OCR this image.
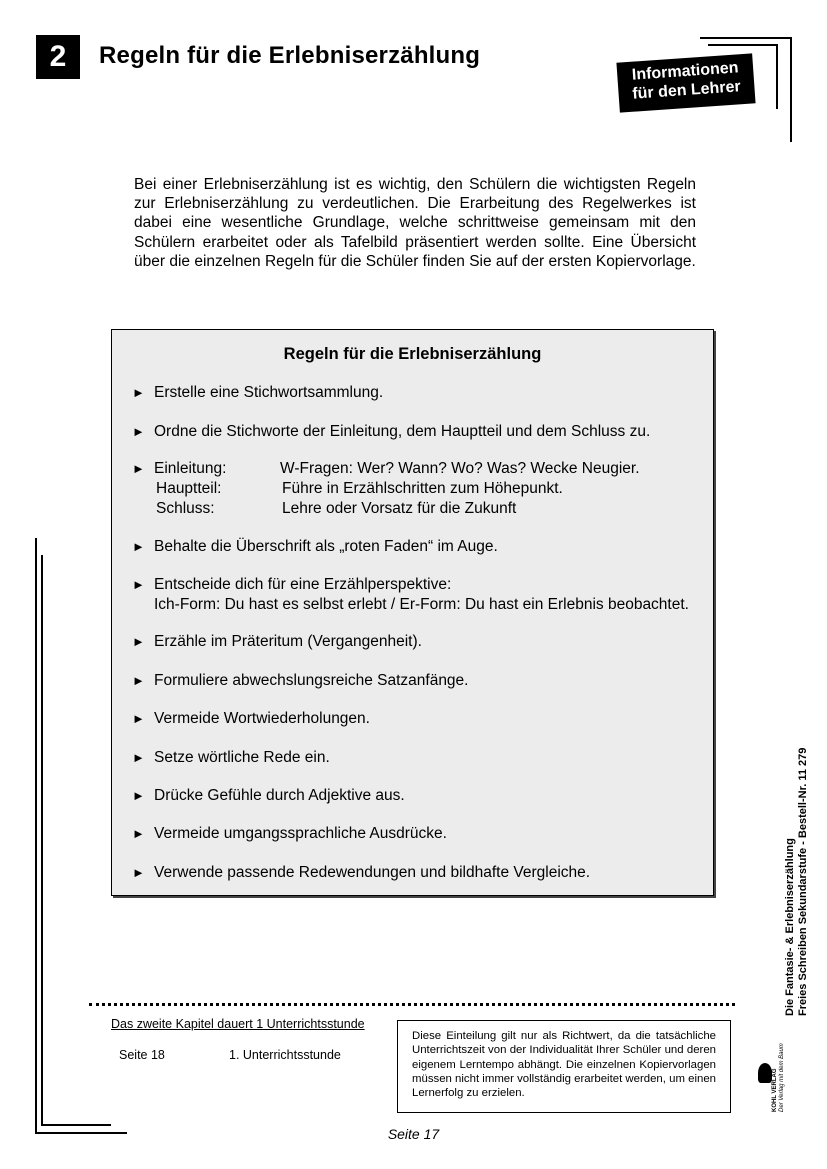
2	Regeln für die Erlebniserzählung
Informationen
für den Lehrer
Bei einer Erlebniserzählung ist es wichtig, den Schülern die wichtigsten Regeln zur Erlebniserzählung zu verdeutlichen. Die Erarbeitung des Regelwerkes ist dabei eine wesentliche Grundlage, welche schrittweise gemeinsam mit den Schülern erarbeitet oder als Tafelbild präsentiert werden sollte. Eine Übersicht über die einzelnen Regeln für die Schüler finden Sie auf der ersten Kopiervorlage.
Regeln für die Erlebniserzählung
► Erstelle eine Stichwortsammlung.
► Ordne die Stichworte der Einleitung, dem Hauptteil und dem Schluss zu.
► Einleitung:	W-Fragen: Wer? Wann? Wo? Was? Wecke Neugier.
Hauptteil:	Führe in Erzählschritten zum Höhepunkt.
Schluss:	Lehre oder Vorsatz für die Zukunft
► Behalte die Überschrift als „roten Faden“ im Auge.
► Entscheide dich für eine Erzählperspektive:
Ich-Form: Du hast es selbst erlebt / Er-Form: Du hast ein Erlebnis beobachtet.
► Erzähle im Präteritum (Vergangenheit).
► Formuliere abwechslungsreiche Satzanfänge.
► Vermeide Wortwiederholungen.
► Setze wörtliche Rede ein.
► Drücke Gefühle durch Adjektive aus.
► Vermeide umgangssprachliche Ausdrücke.
► Verwende passende Redewendungen und bildhafte Vergleiche.
Das zweite Kapitel dauert 1 Unterrichtsstunde
Seite 18	1. Unterrichtsstunde
Diese Einteilung gilt nur als Richtwert, da die tatsächliche Unterrichtszeit von der Individualität Ihrer Schüler und deren eigenem Lerntempo abhängt. Die einzelnen Kopiervorlagen müssen nicht immer vollständig erarbeitet werden, um einen Lernerfolg zu erzielen.
Seite 17
Die Fantasie- & Erlebniserzählung Freies Schreiben Sekundarstufe - Bestell-Nr. 11 279
KOHL VERLAG Der Verlag mit dem Baum
